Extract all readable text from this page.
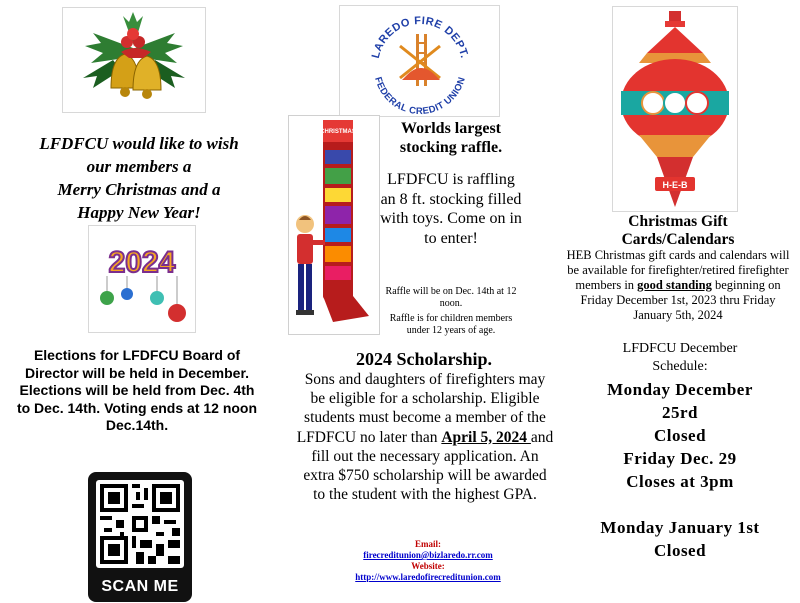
LFDFCU would like to wish
our members a
Merry Christmas and a
Happy New Year!
2024
Elections for LFDFCU Board of Director will be held in December. Elections will be held from Dec. 4th to Dec. 14th. Voting ends at 12 noon Dec.14th.
SCAN ME
LAREDO FIRE DEPT.
FEDERAL CREDIT UNION
CHRISTMAS	Worlds largest stocking raffle.
LFDFCU is raffling an 8 ft. stocking filled with toys. Come on in to enter!
Raffle will be on Dec. 14th at 12 noon.
Raffle is for children members under 12 years of age.
2024 Scholarship.
Sons and daughters of firefighters may be eligible for a scholarship. Eligible students must become a member of the LFDFCU no later than April 5, 2024 and fill out the necessary application. An extra $750 scholarship will be awarded to the student with the highest GPA.
Email:
firecreditunion@bizlaredo.rr.com
Website:
http://www.laredofirecreditunion.com
H-E-B
Christmas Gift
Cards/Calendars
HEB Christmas gift cards and calendars will be available for firefighter/retired firefighter members in good standing beginning on Friday December 1st, 2023 thru Friday January 5th, 2024
LFDFCU December
Schedule:
Monday December
25rd
Closed
Friday Dec. 29
Closes at 3pm
Monday January 1st
Closed
